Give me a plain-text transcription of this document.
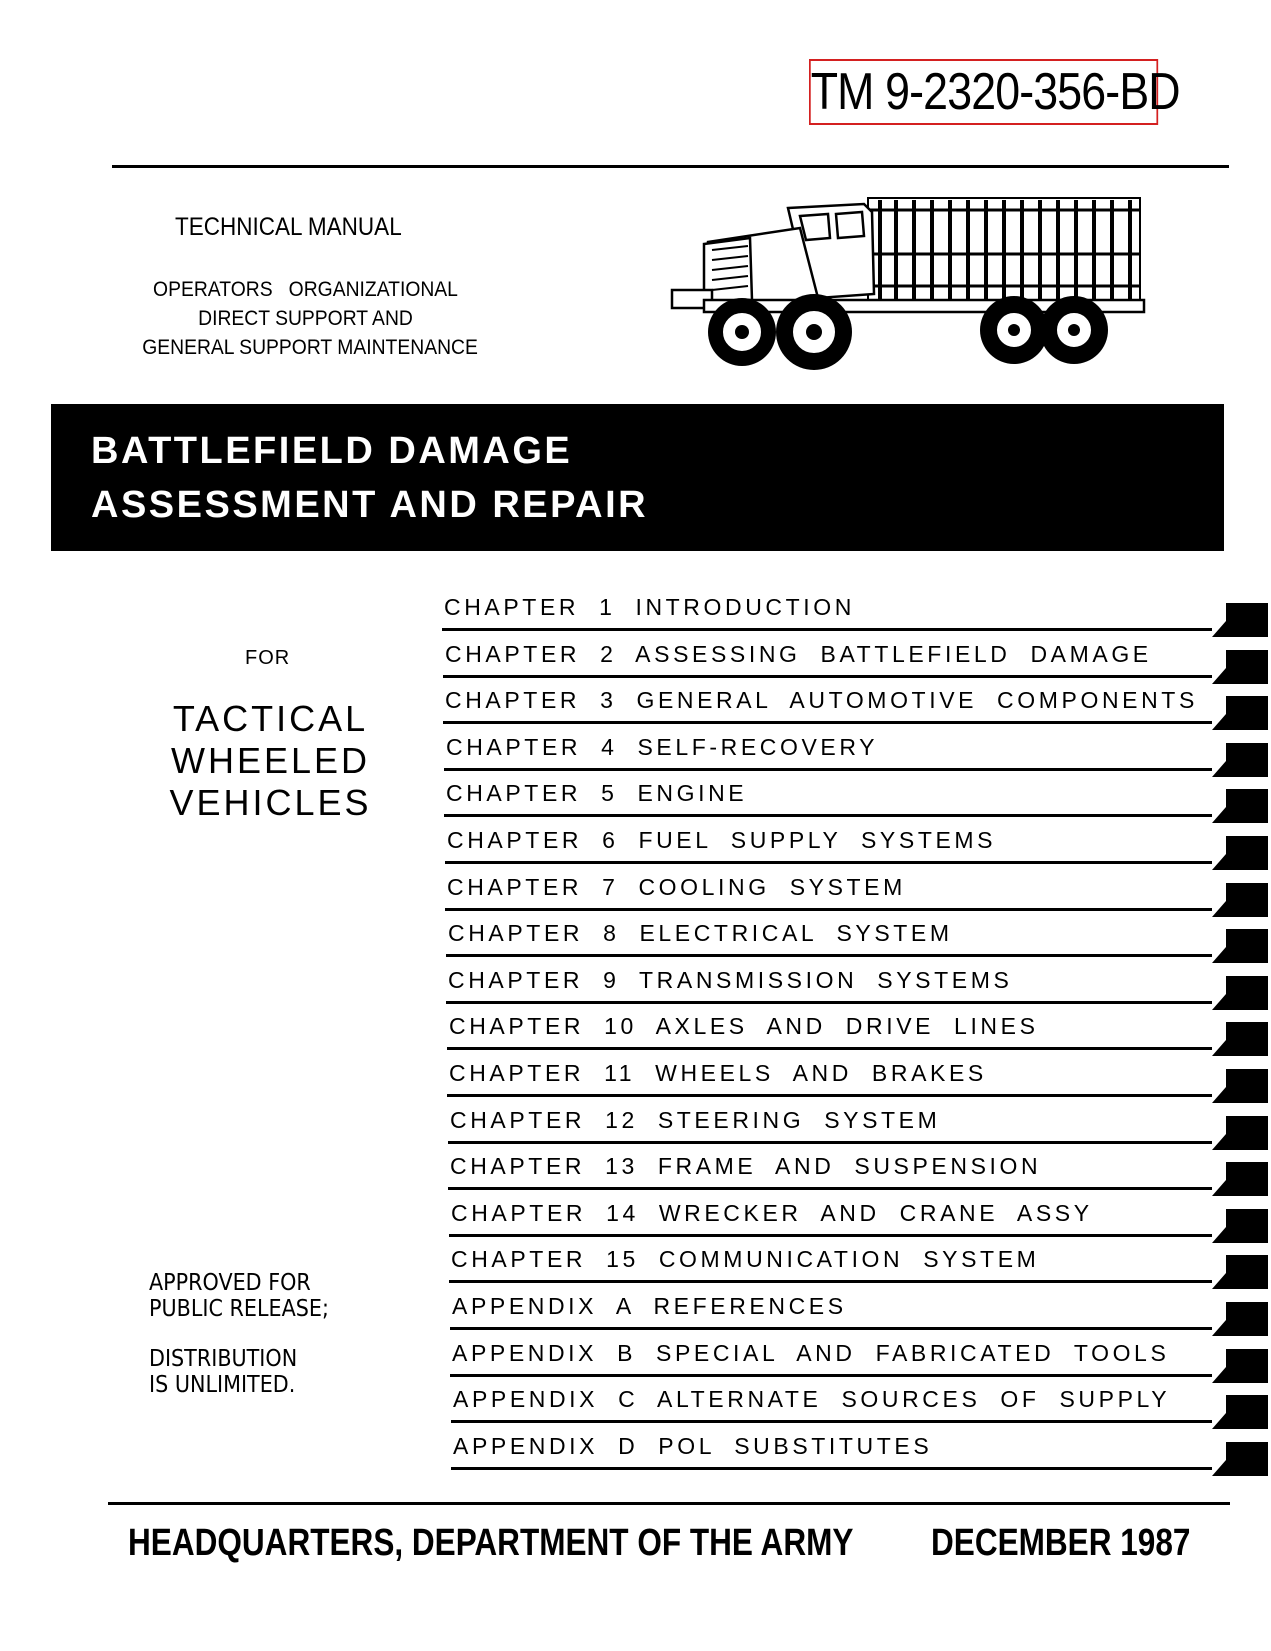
TM 9-2320-356-BD
TECHNICAL MANUAL
OPERATORS   ORGANIZATIONAL
DIRECT SUPPORT AND
GENERAL SUPPORT MAINTENANCE
BATTLEFIELD DAMAGE
ASSESSMENT AND REPAIR
FOR
TACTICAL
WHEELED
VEHICLES
APPROVED FOR
PUBLIC RELEASE;
DISTRIBUTION
IS UNLIMITED.
CHAPTER  1  INTRODUCTION
CHAPTER  2  ASSESSING  BATTLEFIELD  DAMAGE
CHAPTER  3  GENERAL  AUTOMOTIVE  COMPONENTS
CHAPTER  4  SELF-RECOVERY
CHAPTER  5  ENGINE
CHAPTER  6  FUEL  SUPPLY  SYSTEMS
CHAPTER  7  COOLING  SYSTEM
CHAPTER  8  ELECTRICAL  SYSTEM
CHAPTER  9  TRANSMISSION  SYSTEMS
CHAPTER  10  AXLES  AND  DRIVE  LINES
CHAPTER  11  WHEELS  AND  BRAKES
CHAPTER  12  STEERING  SYSTEM
CHAPTER  13  FRAME  AND  SUSPENSION
CHAPTER  14  WRECKER  AND  CRANE  ASSY
CHAPTER  15  COMMUNICATION  SYSTEM
APPENDIX  A  REFERENCES
APPENDIX  B  SPECIAL  AND  FABRICATED  TOOLS
APPENDIX  C  ALTERNATE  SOURCES  OF  SUPPLY
APPENDIX  D  POL  SUBSTITUTES
HEADQUARTERS, DEPARTMENT OF THE ARMY DECEMBER 1987
